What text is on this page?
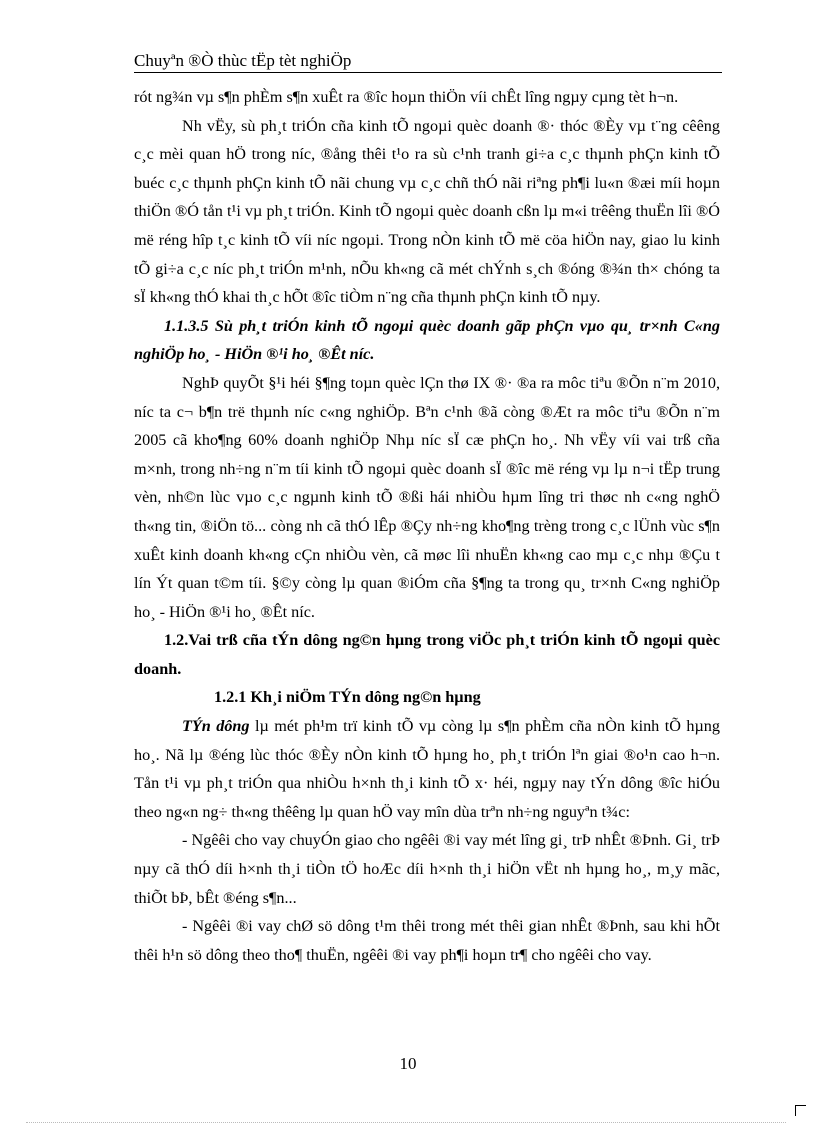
Chuyªn ®Ò thùc tËp tèt nghiÖp

rót ng¾n vµ s¶n phÈm s¶n xuÊt ra ®îc hoµn thiÖn víi chÊt lîng ngµy cµng tèt h¬n.

Nh vËy, sù ph¸t triÓn cña kinh tÕ ngoµi quèc doanh ®· thóc ®Èy vµ t¨ng cêêng c¸c mèi quan hÖ trong níc, ®ång thêi t¹o ra sù c¹nh tranh gi÷a c¸c thµnh phÇn kinh tÕ buéc c¸c thµnh phÇn kinh tÕ nãi chung vµ c¸c chñ thÓ nãi riªng ph¶i lu«n ®æi míi hoµn thiÖn ®Ó tån t¹i vµ ph¸t triÓn. Kinh tÕ ngoµi quèc doanh cßn lµ m«i trêêng thuËn lîi ®Ó më réng hîp t¸c kinh tÕ víi níc ngoµi. Trong nÒn kinh tÕ më cöa hiÖn nay, giao lu kinh tÕ gi÷a c¸c níc ph¸t triÓn m¹nh, nÕu kh«ng cã mét chÝnh s¸ch ®óng ®¾n th× chóng ta sÏ kh«ng thÓ khai th¸c hÕt ®îc tiÒm n¨ng cña thµnh phÇn kinh tÕ nµy.

1.1.3.5 Sù ph¸t triÓn kinh tÕ ngoµi quèc doanh gãp phÇn vµo qu¸ tr×nh C«ng nghiÖp ho¸ - HiÖn ®¹i ho¸ ®Êt níc.

NghÞ quyÕt §¹i héi §¶ng toµn quèc lÇn thø IX ®· ®a ra môc tiªu ®Õn n¨m 2010, níc ta c¬ b¶n trë thµnh níc c«ng nghiÖp. Bªn c¹nh ®ã còng ®Æt ra môc tiªu ®Õn n¨m 2005 cã kho¶ng 60% doanh nghiÖp Nhµ níc sÏ cæ phÇn ho¸. Nh vËy víi vai trß cña m×nh, trong nh÷ng n¨m tíi kinh tÕ ngoµi quèc doanh sÏ ®îc më réng vµ lµ n¬i tËp trung vèn, nh©n lùc vµo c¸c ngµnh kinh tÕ ®ßi hái nhiÒu hµm lîng tri thøc nh c«ng nghÖ th«ng tin, ®iÖn tö... còng nh cã thÓ lÊp ®Çy nh÷ng kho¶ng trèng trong c¸c lÜnh vùc s¶n xuÊt kinh doanh kh«ng cÇn nhiÒu vèn, cã møc lîi nhuËn kh«ng cao mµ c¸c nhµ ®Çu t lín Ýt quan t©m tíi. §©y còng lµ quan ®iÓm cña §¶ng ta trong qu¸ tr×nh C«ng nghiÖp ho¸ - HiÖn ®¹i ho¸ ®Êt níc.

1.2.Vai trß cña tÝn dông ng©n hµng trong viÖc ph¸t triÓn kinh tÕ ngoµi quèc doanh.

1.2.1 Kh¸i niÖm TÝn dông ng©n hµng

TÝn dông lµ mét ph¹m trï kinh tÕ vµ còng lµ s¶n phÈm cña nÒn kinh tÕ hµng ho¸. Nã lµ ®éng lùc thóc ®Èy nÒn kinh tÕ hµng ho¸ ph¸t triÓn lªn giai ®o¹n cao h¬n. Tån t¹i vµ ph¸t triÓn qua nhiÒu h×nh th¸i kinh tÕ x· héi, ngµy nay tÝn dông ®îc hiÓu theo ng«n ng÷ th«ng thêêng lµ quan hÖ vay mîn dùa trªn nh÷ng nguyªn t¾c:

- Ngêêi cho vay chuyÓn giao cho ngêêi ®i vay mét lîng gi¸ trÞ nhÊt ®Þnh. Gi¸ trÞ nµy cã thÓ díi h×nh th¸i tiÒn tÖ hoÆc díi h×nh th¸i hiÖn vËt nh hµng ho¸, m¸y mãc, thiÕt bÞ, bÊt ®éng s¶n...

- Ngêêi ®i vay chØ sö dông t¹m thêi trong mét thêi gian nhÊt ®Þnh, sau khi hÕt thêi h¹n sö dông theo tho¶ thuËn, ngêêi ®i vay ph¶i hoµn tr¶ cho ngêêi cho vay.

10
